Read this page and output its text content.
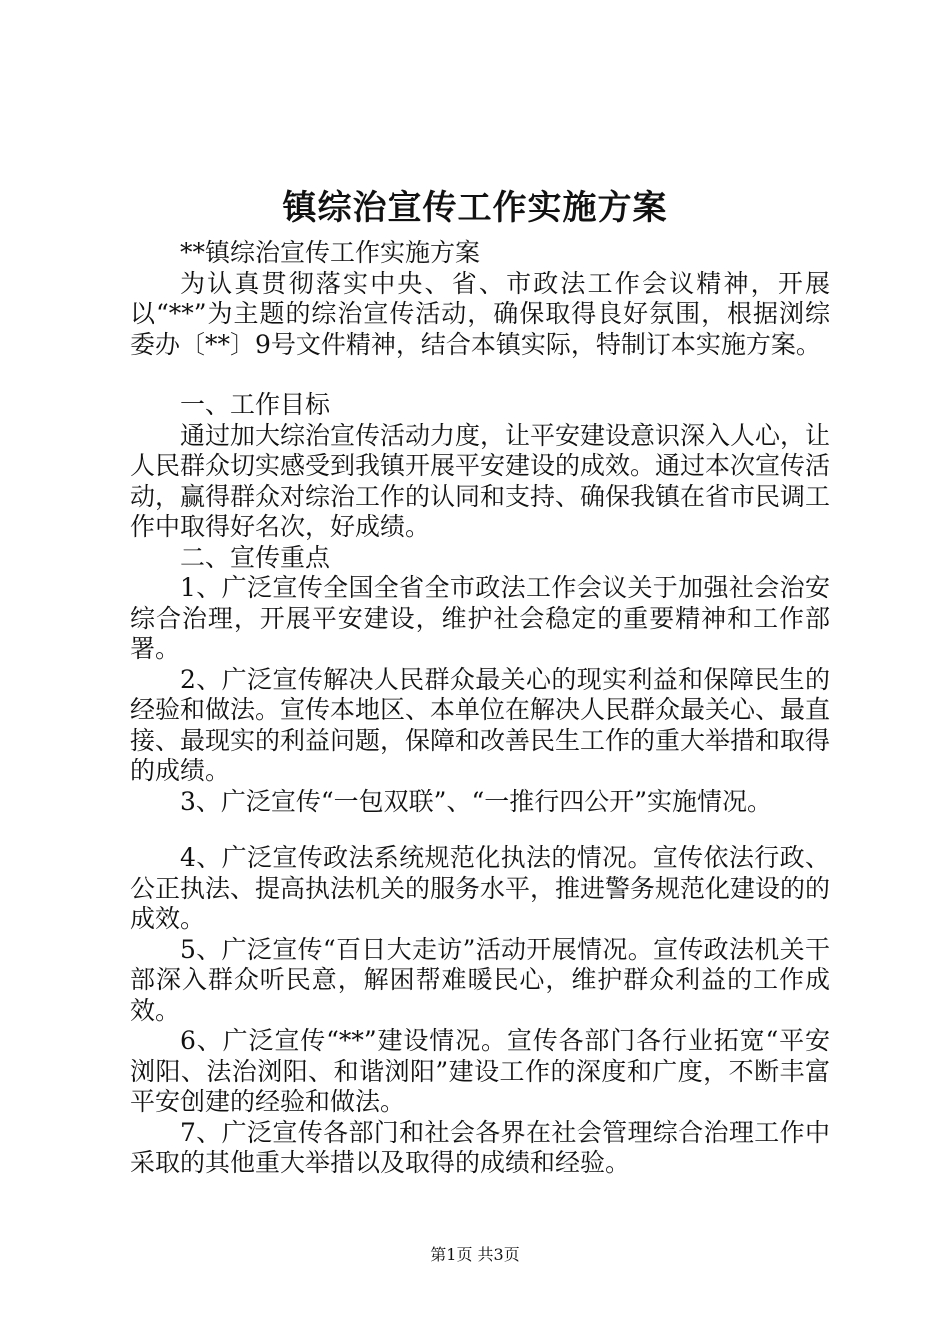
镇综治宣传工作实施方案

**镇综治宣传工作实施方案

为认真贯彻落实中央、省、市政法工作会议精神，开展以“**”为主题的综治宣传活动，确保取得良好氛围，根据浏综委办〔**〕9号文件精神，结合本镇实际，特制订本实施方案。

一、工作目标

通过加大综治宣传活动力度，让平安建设意识深入人心，让人民群众切实感受到我镇开展平安建设的成效。通过本次宣传活动，赢得群众对综治工作的认同和支持、确保我镇在省市民调工作中取得好名次，好成绩。

二、宣传重点

1、广泛宣传全国全省全市政法工作会议关于加强社会治安综合治理，开展平安建设，维护社会稳定的重要精神和工作部署。

2、广泛宣传解决人民群众最关心的现实利益和保障民生的经验和做法。宣传本地区、本单位在解决人民群众最关心、最直接、最现实的利益问题，保障和改善民生工作的重大举措和取得的成绩。

3、广泛宣传“一包双联”、“一推行四公开”实施情况。

4、广泛宣传政法系统规范化执法的情况。宣传依法行政、公正执法、提高执法机关的服务水平，推进警务规范化建设的的成效。

5、广泛宣传“百日大走访”活动开展情况。宣传政法机关干部深入群众听民意，解困帮难暖民心，维护群众利益的工作成效。

6、广泛宣传“**”建设情况。宣传各部门各行业拓宽“平安浏阳、法治浏阳、和谐浏阳”建设工作的深度和广度，不断丰富平安创建的经验和做法。

7、广泛宣传各部门和社会各界在社会管理综合治理工作中采取的其他重大举措以及取得的成绩和经验。

第1页 共3页
